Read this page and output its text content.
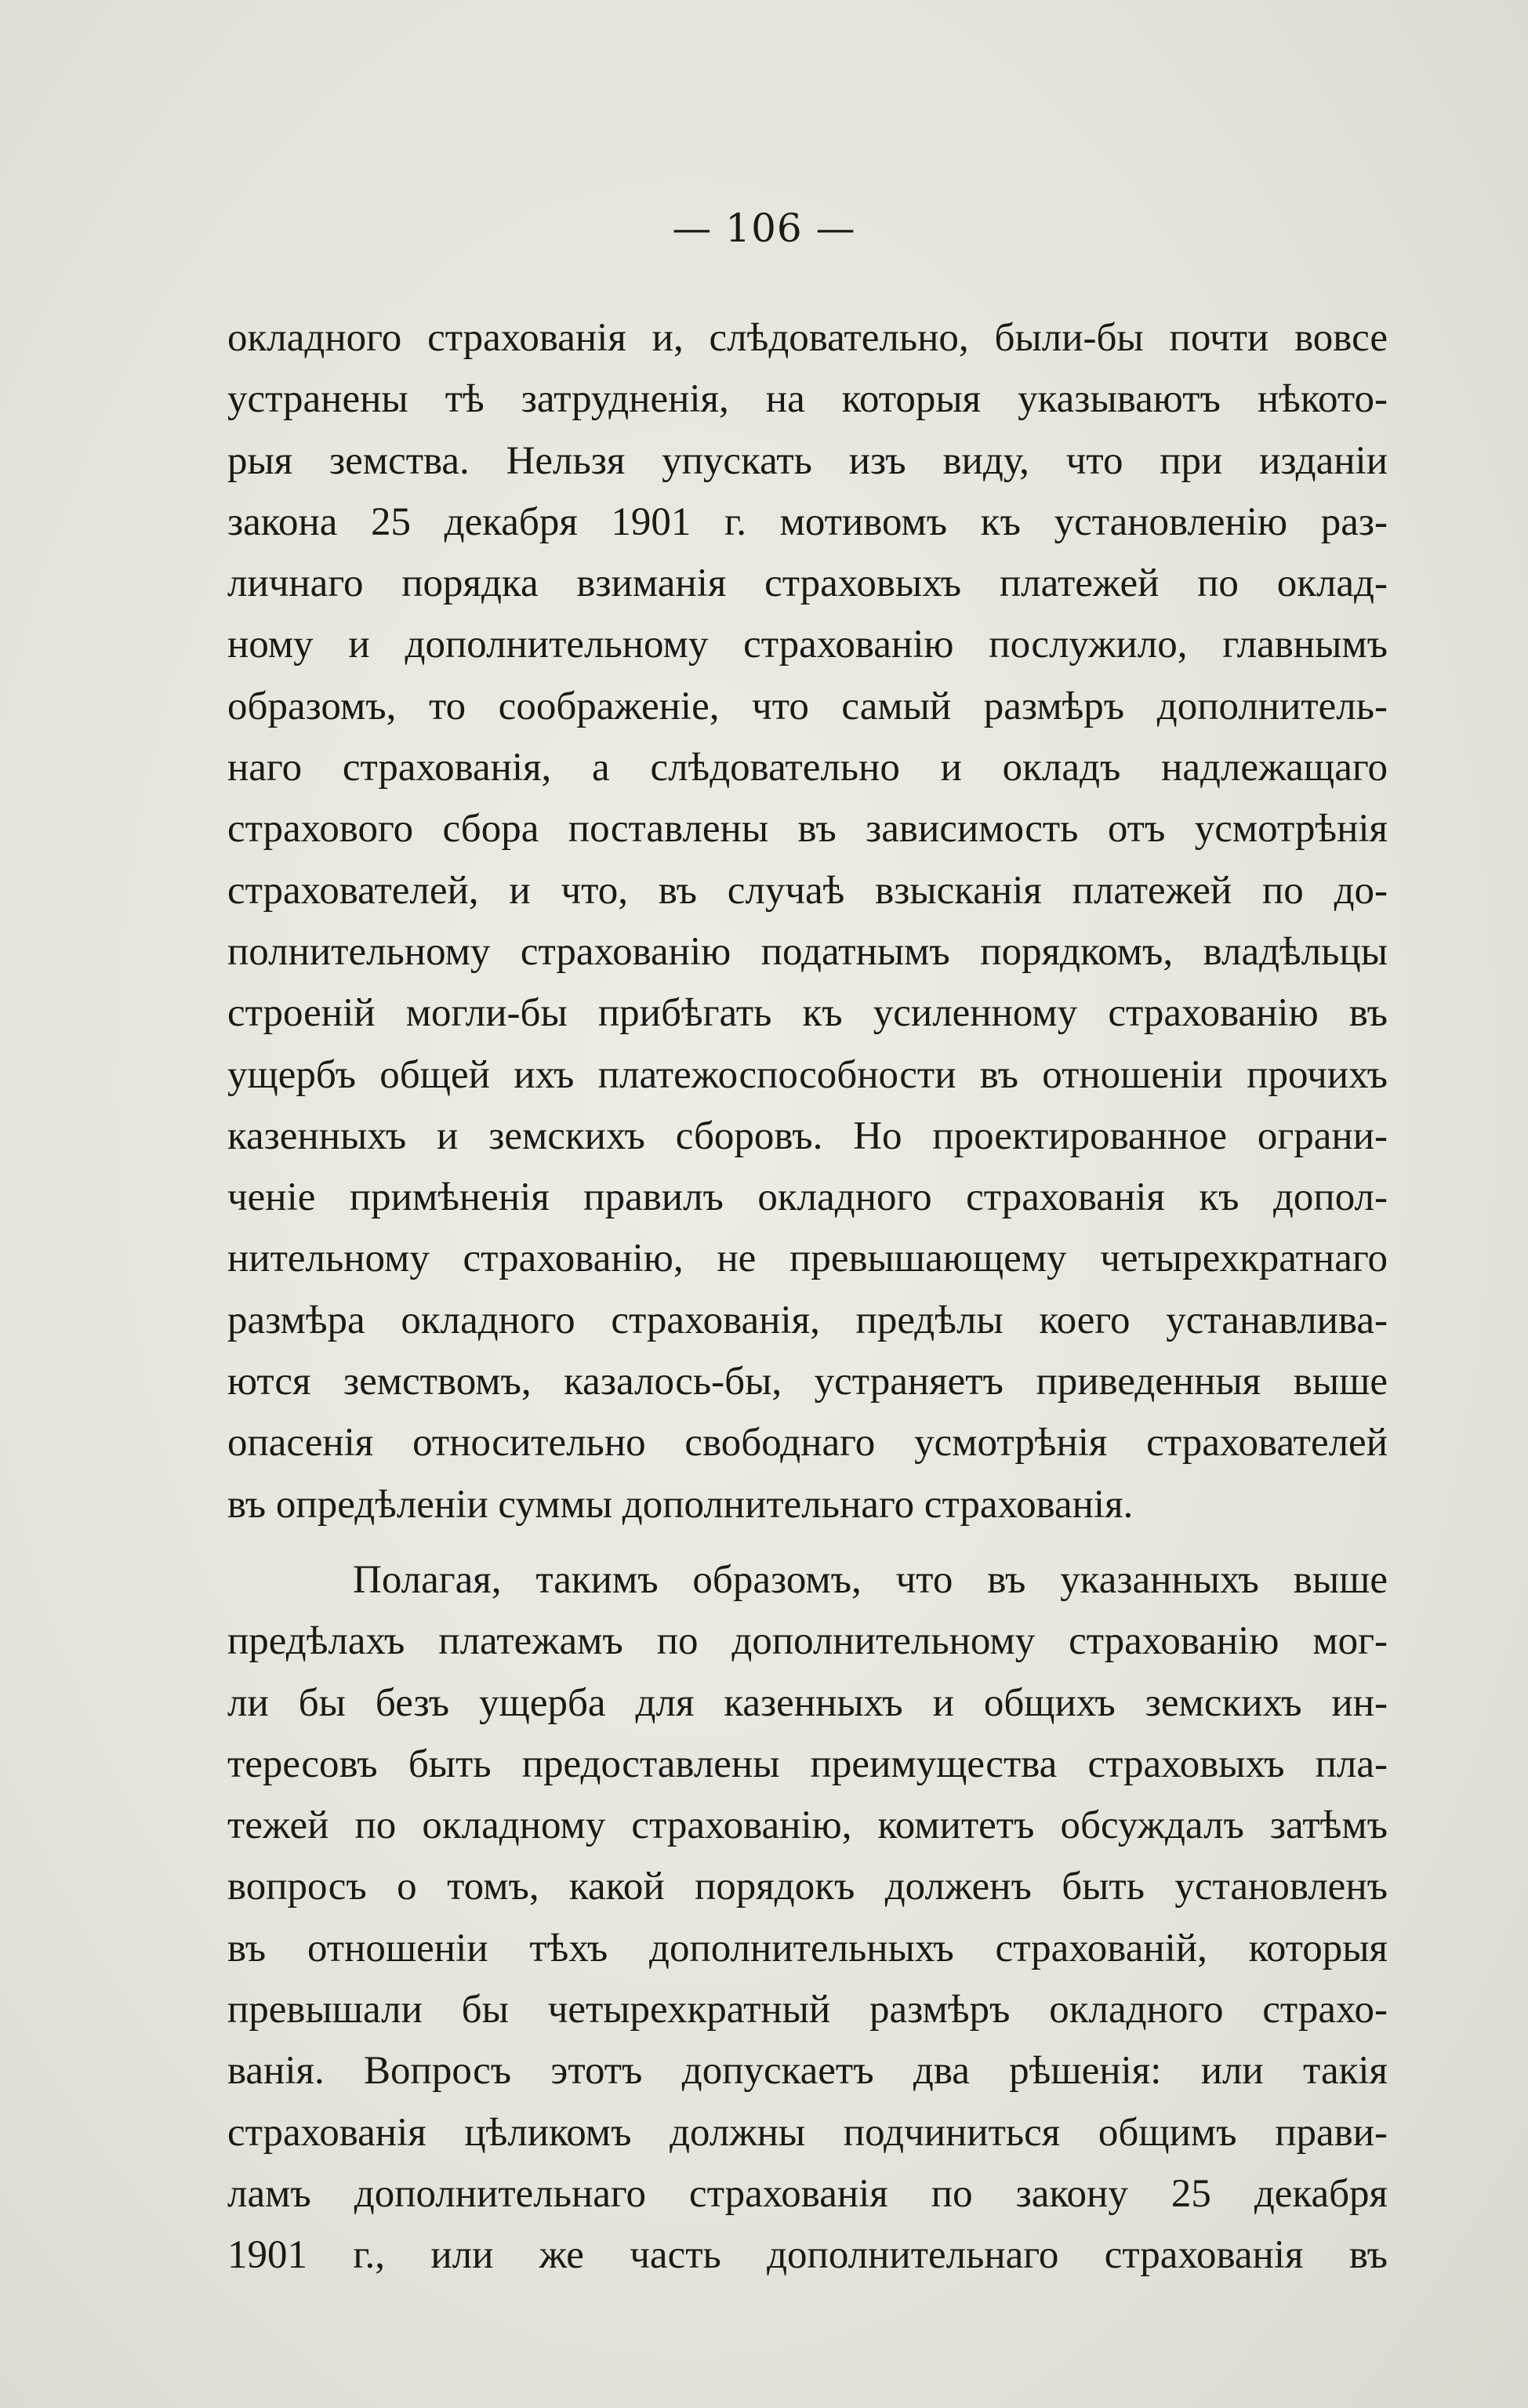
— 106 —
окладного страхованія и, слѣдовательно, были-бы почти вовсе
устранены тѣ затрудненія, на которыя указываютъ нѣкото-
рыя земства. Нельзя упускать изъ виду, что при изданіи
закона 25 декабря 1901 г. мотивомъ къ установленію раз-
личнаго порядка взиманія страховыхъ платежей по оклад-
ному и дополнительному страхованію послужило, главнымъ
образомъ, то соображеніе, что самый размѣръ дополнитель-
наго страхованія, а слѣдовательно и окладъ надлежащаго
страхового сбора поставлены въ зависимость отъ усмотрѣнія
страхователей, и что, въ случаѣ взысканія платежей по до-
полнительному страхованію податнымъ порядкомъ, владѣльцы
строеній могли-бы прибѣгать къ усиленному страхованію въ
ущербъ общей ихъ платежоспособности въ отношеніи прочихъ
казенныхъ и земскихъ сборовъ. Но проектированное ограни-
ченіе примѣненія правилъ окладного страхованія къ допол-
нительному страхованію, не превышающему четырехкратнаго
размѣра окладного страхованія, предѣлы коего устанавлива-
ются земствомъ, казалось-бы, устраняетъ приведенныя выше
опасенія относительно свободнаго усмотрѣнія страхователей
въ опредѣленіи суммы дополнительнаго страхованія.
Полагая, такимъ образомъ, что въ указанныхъ выше
предѣлахъ платежамъ по дополнительному страхованію мог-
ли бы безъ ущерба для казенныхъ и общихъ земскихъ ин-
тересовъ быть предоставлены преимущества страховыхъ пла-
тежей по окладному страхованію, комитетъ обсуждалъ затѣмъ
вопросъ о томъ, какой порядокъ долженъ быть установленъ
въ отношеніи тѣхъ дополнительныхъ страхованій, которыя
превышали бы четырехкратный размѣръ окладного страхо-
ванія. Вопросъ этотъ допускаетъ два рѣшенія: или такія
страхованія цѣликомъ должны подчиниться общимъ прави-
ламъ дополнительнаго страхованія по закону 25 декабря
1901 г., или же часть дополнительнаго страхованія въ
